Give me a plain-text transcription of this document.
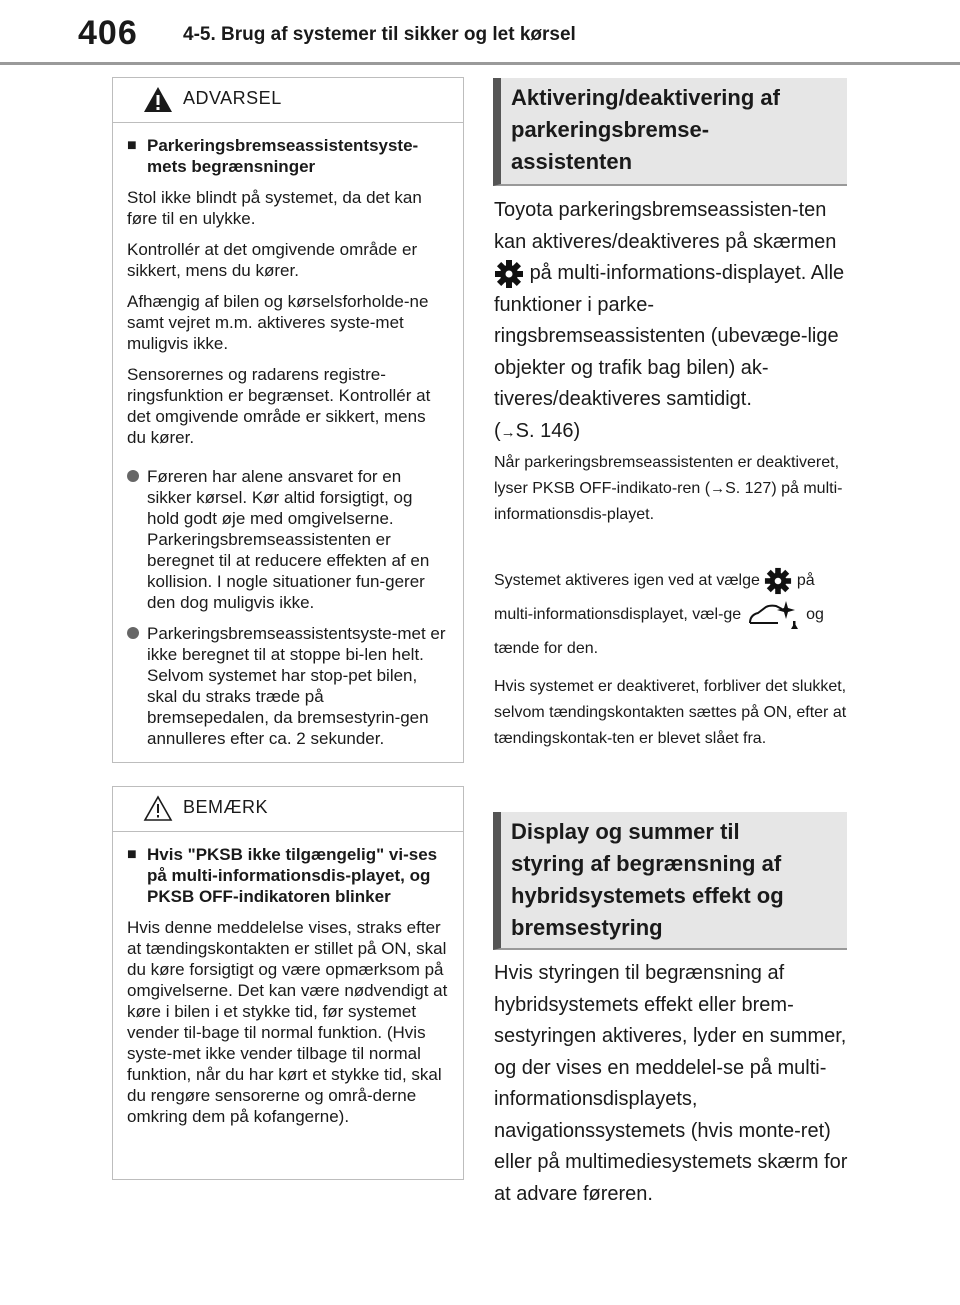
406 4-5. Brug af systemer til sikker og let kørsel
ADVARSEL
■ Parkeringsbremseassistentsyste-mets begrænsninger

Stol ikke blindt på systemet, da det kan føre til en ulykke.

Kontrollér at det omgivende område er sikkert, mens du kører.

Afhængig af bilen og kørselsforholde-ne samt vejret m.m. aktiveres syste-met muligvis ikke.

Sensorernes og radarens registre-ringsfunktion er begrænset. Kontrollér at det omgivende område er sikkert, mens du kører.

Føreren har alene ansvaret for en sikker kørsel. Kør altid forsigtigt, og hold godt øje med omgivelserne. Parkeringsbremseassistenten er beregnet til at reducere effekten af en kollision. I nogle situationer fun-gerer den dog muligvis ikke.
Parkeringsbremseassistentsyste-met er ikke beregnet til at stoppe bi-len helt. Selvom systemet har stop-pet bilen, skal du straks træde på bremsepedalen, da bremsestyrin-gen annulleres efter ca. 2 sekunder.
BEMÆRK
■ Hvis "PKSB ikke tilgængelig" vi-ses på multi-informationsdis-playet, og PKSB OFF-indikatoren blinker

Hvis denne meddelelse vises, straks efter at tændingskontakten er stillet på ON, skal du køre forsigtigt og være opmærksom på omgivelserne. Det kan være nødvendigt at køre i bilen i et stykke tid, før systemet vender til-bage til normal funktion. (Hvis syste-met ikke vender tilbage til normal funktion, når du har kørt et stykke tid, skal du rengøre sensorerne og områ-derne omkring dem på kofangerne).

Aktivering/deaktivering af
parkeringsbremse-
assistenten
Toyota parkeringsbremseassisten-ten kan aktiveres/deaktiveres på skærmen  på multi-informations-displayet. Alle funktioner i parke-ringsbremseassistenten (ubevæge-lige objekter og trafik bag bilen) ak-tiveres/deaktiveres samtidigt.
(→S. 146)
Når parkeringsbremseassistenten er deaktiveret, lyser PKSB OFF-indikato-ren (→S. 127) på multi-informationsdis-playet.
Systemet aktiveres igen ved at vælge på multi-informationsdisplayet, væl-ge	og tænde for den.
Hvis systemet er deaktiveret, forbliver det slukket, selvom tændingskontakten sættes på ON, efter at tændingskontak-ten er blevet slået fra.
Display og summer til
styring af begrænsning af
hybridsystemets effekt og
bremsestyring
Hvis styringen til begrænsning af hybridsystemets effekt eller brem-sestyringen aktiveres, lyder en summer, og der vises en meddelel-se på multi-informationsdisplayets, navigationssystemets (hvis monte-ret) eller på multimediesystemets skærm for at advare føreren.
